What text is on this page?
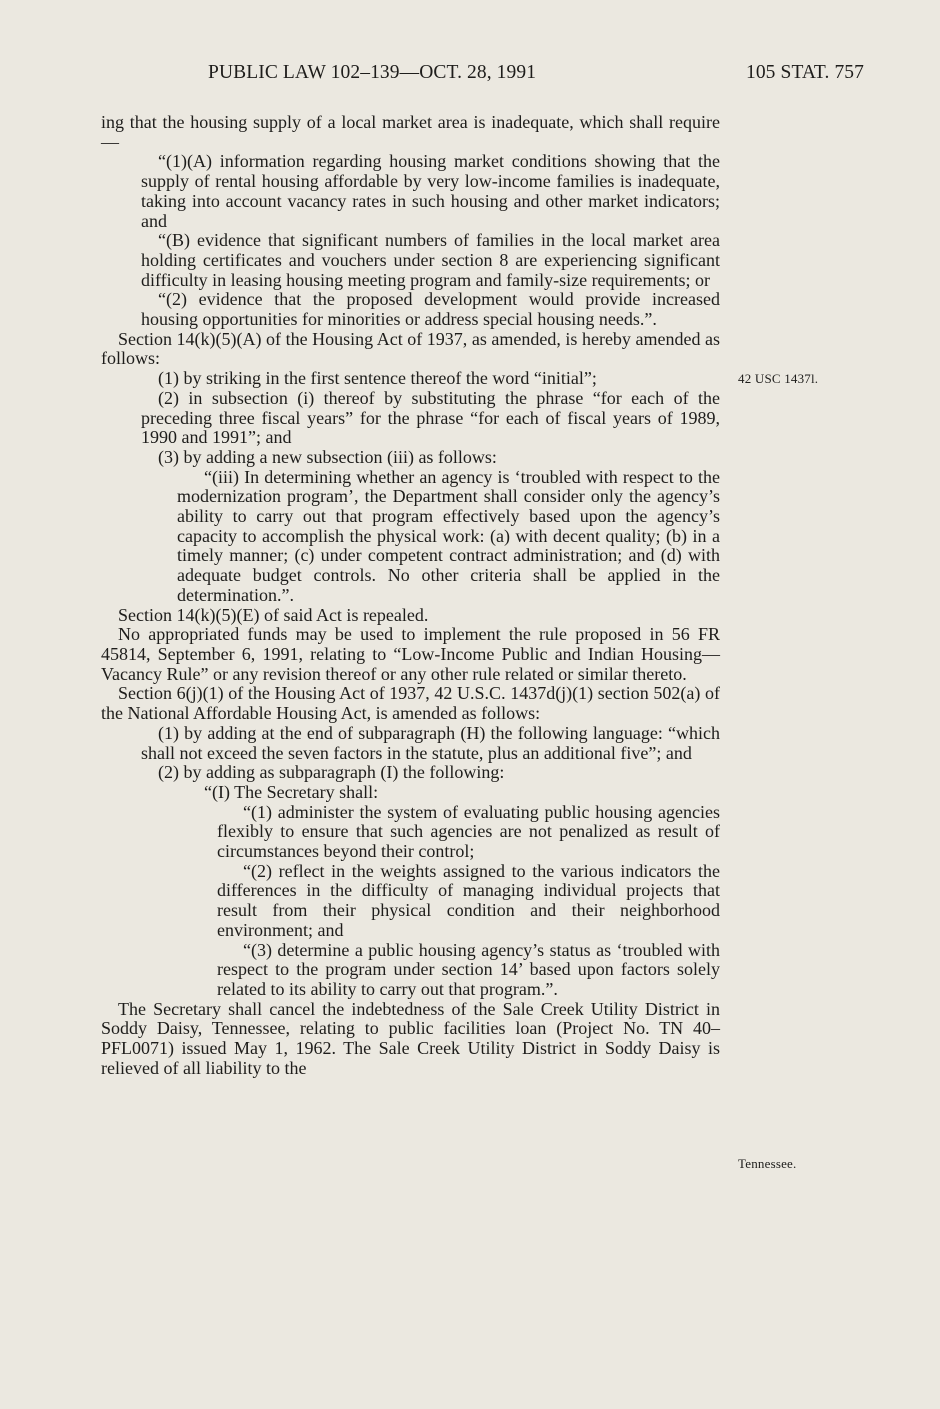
PUBLIC LAW 102–139—OCT. 28, 1991	105 STAT. 757

ing that the housing supply of a local market area is inadequate, which shall require—

“(1)(A) information regarding housing market conditions showing that the supply of rental housing affordable by very low-income families is inadequate, taking into account vacancy rates in such housing and other market indicators; and

“(B) evidence that significant numbers of families in the local market area holding certificates and vouchers under section 8 are experiencing significant difficulty in leasing housing meeting program and family-size requirements; or

“(2) evidence that the proposed development would provide increased housing opportunities for minorities or address special housing needs.”.

Section 14(k)(5)(A) of the Housing Act of 1937, as amended, is hereby amended as follows:

(1) by striking in the first sentence thereof the word “initial”;

(2) in subsection (i) thereof by substituting the phrase “for each of the preceding three fiscal years” for the phrase “for each of fiscal years of 1989, 1990 and 1991”; and

(3) by adding a new subsection (iii) as follows:

“(iii) In determining whether an agency is ‘troubled with respect to the modernization program’, the Department shall consider only the agency’s ability to carry out that program effectively based upon the agency’s capacity to accomplish the physical work: (a) with decent quality; (b) in a timely manner; (c) under competent contract administration; and (d) with adequate budget controls. No other criteria shall be applied in the determination.”.

Section 14(k)(5)(E) of said Act is repealed.

No appropriated funds may be used to implement the rule proposed in 56 FR 45814, September 6, 1991, relating to “Low-Income Public and Indian Housing—Vacancy Rule” or any revision thereof or any other rule related or similar thereto.

Section 6(j)(1) of the Housing Act of 1937, 42 U.S.C. 1437d(j)(1) section 502(a) of the National Affordable Housing Act, is amended as follows:

(1) by adding at the end of subparagraph (H) the following language: “which shall not exceed the seven factors in the statute, plus an additional five”; and

(2) by adding as subparagraph (I) the following:

“(I) The Secretary shall:

“(1) administer the system of evaluating public housing agencies flexibly to ensure that such agencies are not penalized as result of circumstances beyond their control;

“(2) reflect in the weights assigned to the various indicators the differences in the difficulty of managing individual projects that result from their physical condition and their neighborhood environment; and

“(3) determine a public housing agency’s status as ‘troubled with respect to the program under section 14’ based upon factors solely related to its ability to carry out that program.”.

The Secretary shall cancel the indebtedness of the Sale Creek Utility District in Soddy Daisy, Tennessee, relating to public facilities loan (Project No. TN 40–PFL0071) issued May 1, 1962. The Sale Creek Utility District in Soddy Daisy is relieved of all liability to the

42 USC 1437l.
Tennessee.
